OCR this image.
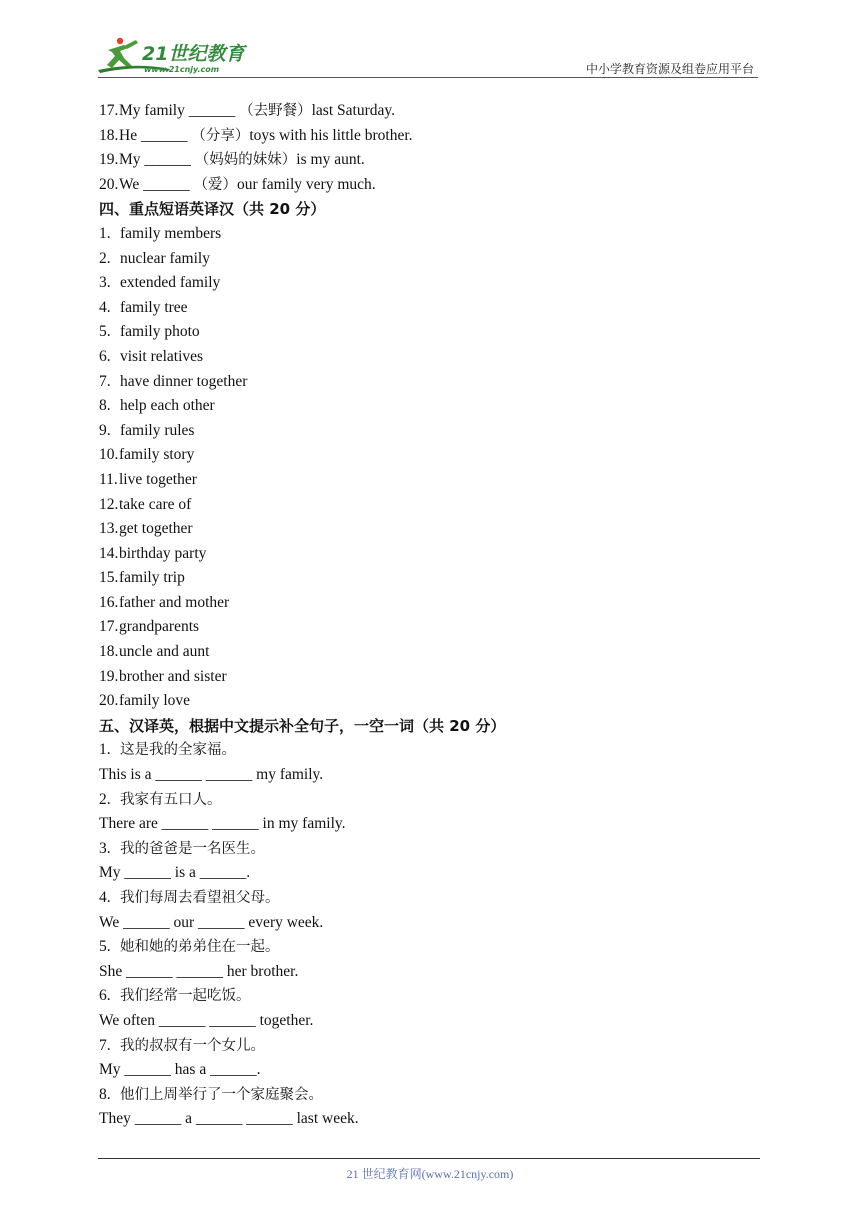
21世纪教育
www.21cnjy.com	中小学教育资源及组卷应用平台
17.My family ______ （去野餐）last Saturday.
18.He ______ （分享）toys with his little brother.
19.My ______ （妈妈的妹妹）is my aunt.
20.We ______ （爱）our family very much.
四、重点短语英译汉（共 20 分）
1. family members
2. nuclear family
3. extended family
4. family tree
5. family photo
6. visit relatives
7. have dinner together
8. help each other
9. family rules
10.family story
11.live together
12.take care of
13.get together
14.birthday party
15.family trip
16.father and mother
17.grandparents
18.uncle and aunt
19.brother and sister
20.family love
五、汉译英，根据中文提示补全句子，一空一词（共 20 分）
1. 这是我的全家福。
This is a ______ ______ my family.
2. 我家有五口人。
There are ______ ______ in my family.
3. 我的爸爸是一名医生。
My ______ is a ______.
4. 我们每周去看望祖父母。
We ______ our ______ every week.
5. 她和她的弟弟住在一起。
She ______ ______ her brother.
6. 我们经常一起吃饭。
We often ______ ______ together.
7. 我的叔叔有一个女儿。
My ______ has a ______.
8. 他们上周举行了一个家庭聚会。
They ______ a ______ ______ last week.
21 世纪教育网(www.21cnjy.com)
